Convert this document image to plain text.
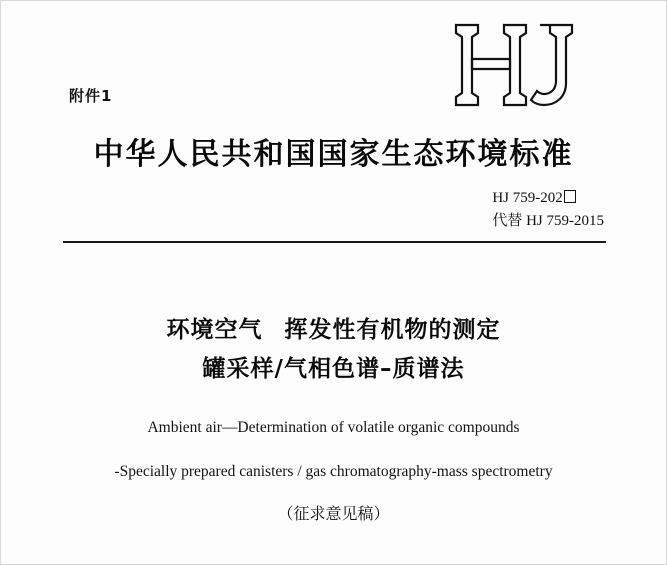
附件1
中华人民共和国国家生态环境标准
HJ 759-202
代替 HJ 759-2015
环境空气 挥发性有机物的测定
罐采样/气相色谱–质谱法
Ambient air—Determination of volatile organic compounds
-Specially prepared canisters / gas chromatography-mass spectrometry
（征求意见稿）
